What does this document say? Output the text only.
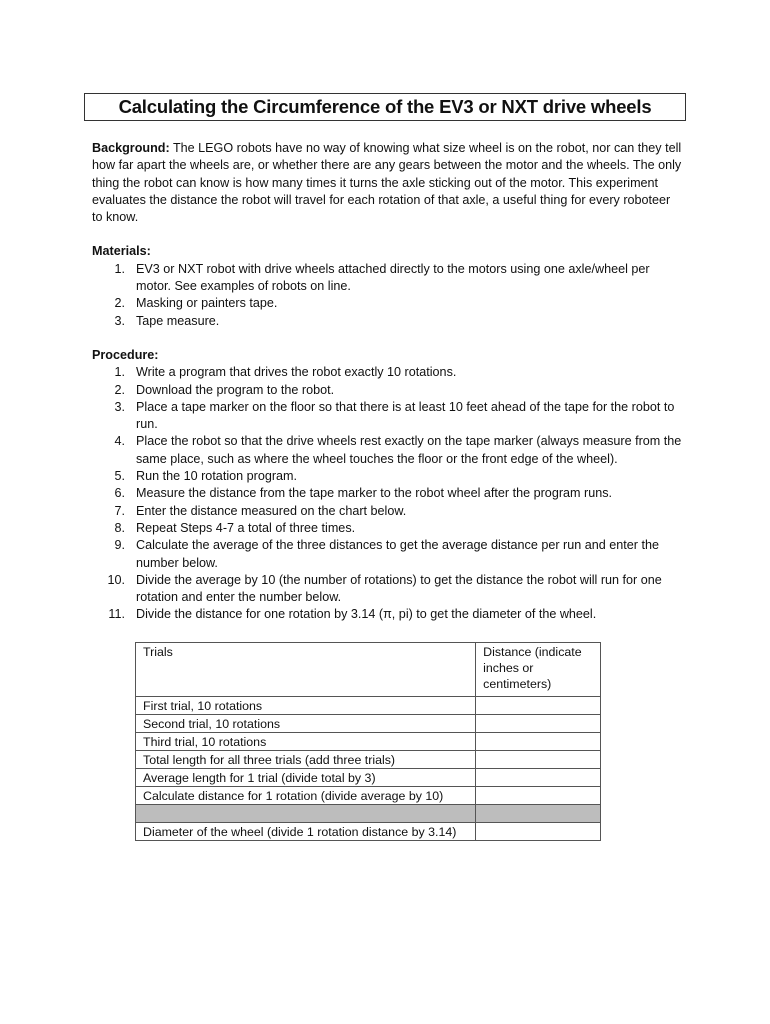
Calculating the Circumference of the EV3 or NXT drive wheels

Background: The LEGO robots have no way of knowing what size wheel is on the robot, nor can they tell how far apart the wheels are, or whether there are any gears between the motor and the wheels. The only thing the robot can know is how many times it turns the axle sticking out of the motor. This experiment evaluates the distance the robot will travel for each rotation of that axle, a useful thing for every roboteer to know.

Materials:

1. EV3 or NXT robot with drive wheels attached directly to the motors using one axle/wheel per motor. See examples of robots on line.
2. Masking or painters tape.
3. Tape measure.

Procedure:

1. Write a program that drives the robot exactly 10 rotations.
2. Download the program to the robot.
3. Place a tape marker on the floor so that there is at least 10 feet ahead of the tape for the robot to run.
4. Place the robot so that the drive wheels rest exactly on the tape marker (always measure from the same place, such as where the wheel touches the floor or the front edge of the wheel).
5. Run the 10 rotation program.
6. Measure the distance from the tape marker to the robot wheel after the program runs.
7. Enter the distance measured on the chart below.
8. Repeat Steps 4-7 a total of three times.
9. Calculate the average of the three distances to get the average distance per run and enter the number below.
10. Divide the average by 10 (the number of rotations) to get the distance the robot will run for one rotation and enter the number below.
11. Divide the distance for one rotation by 3.14 (π, pi) to get the diameter of the wheel.
Trials	Distance (indicate inches or centimeters)
First trial, 10 rotations	
Second trial, 10 rotations	
Third trial, 10 rotations	
Total length for all three trials (add three trials)	
Average length for 1 trial (divide total by 3)	
Calculate distance for 1 rotation (divide average by 10)	

Diameter of the wheel (divide 1 rotation distance by 3.14)	
